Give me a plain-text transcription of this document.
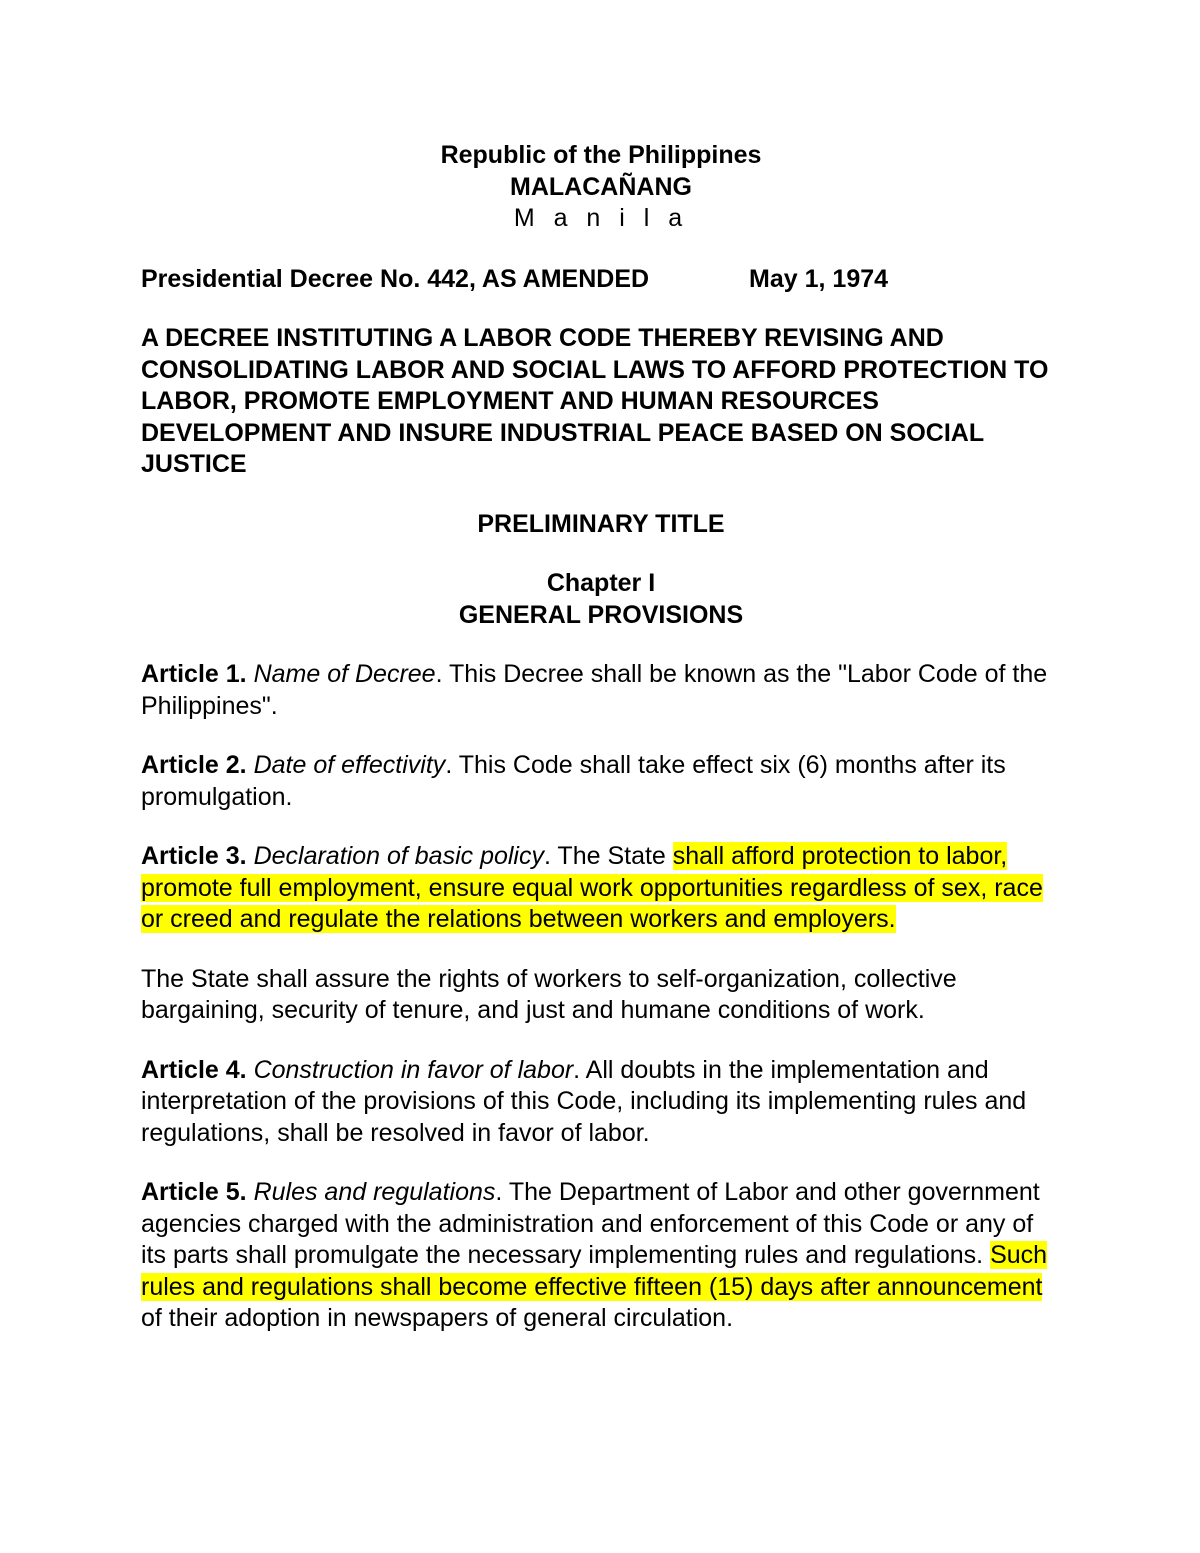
Republic of the Philippines
MALACAÑANG
M a n i l a
Presidential Decree No. 442, AS AMENDED	May 1, 1974
A DECREE INSTITUTING A LABOR CODE THEREBY REVISING AND CONSOLIDATING LABOR AND SOCIAL LAWS TO AFFORD PROTECTION TO LABOR, PROMOTE EMPLOYMENT AND HUMAN RESOURCES DEVELOPMENT AND INSURE INDUSTRIAL PEACE BASED ON SOCIAL JUSTICE
PRELIMINARY TITLE
Chapter I
GENERAL PROVISIONS

Article 1. Name of Decree. This Decree shall be known as the "Labor Code of the Philippines".

Article 2. Date of effectivity. This Code shall take effect six (6) months after its promulgation.

Article 3. Declaration of basic policy. The State shall afford protection to labor, promote full employment, ensure equal work opportunities regardless of sex, race or creed and regulate the relations between workers and employers.

The State shall assure the rights of workers to self-organization, collective bargaining, security of tenure, and just and humane conditions of work.

Article 4. Construction in favor of labor. All doubts in the implementation and interpretation of the provisions of this Code, including its implementing rules and regulations, shall be resolved in favor of labor.

Article 5. Rules and regulations. The Department of Labor and other government agencies charged with the administration and enforcement of this Code or any of its parts shall promulgate the necessary implementing rules and regulations. Such rules and regulations shall become effective fifteen (15) days after announcement of their adoption in newspapers of general circulation.
